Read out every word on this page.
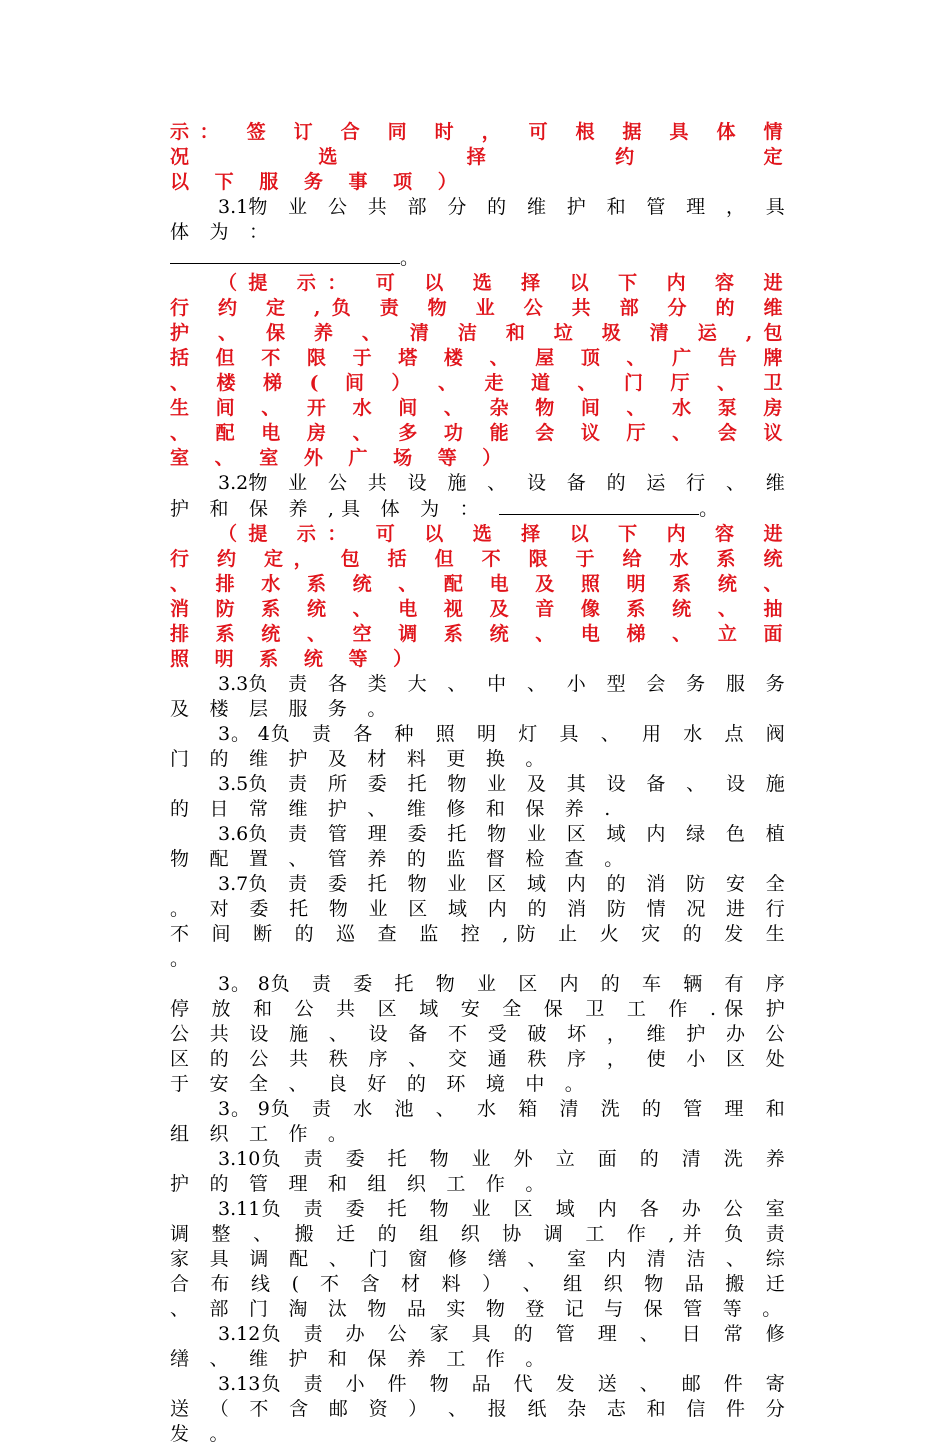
示： 签 订 合 同 时 ， 可 根 据 具 体 情 况 选 择 约 定

以 下 服 务 事 项 ）

3.1物 业 公 共 部 分 的 维 护 和 管 理 ， 具 体 为 ：
。

（提 示： 可 以 选 择 以 下 内 容 进 行 约 定 ,负 责 物 业 公 共 部 分 的 维 护 、 保 养 、 清 洁 和 垃 圾 清 运 ,包 括 但 不 限 于 塔 楼 、 屋 顶 、 广 告 牌 、 楼 梯 ( 间 ） 、 走 道 、 门 厅 、 卫 生 间 、 开 水 间 、 杂 物 间 、 水 泵 房 、 配 电 房 、 多 功 能 会 议 厅 、 会 议 室 、 室 外 广 场 等 ）

3.2物 业 公 共 设 施 、 设 备 的 运 行 、 维 护 和 保 养 ,具 体 为 ：	。

（提 示： 可 以 选 择 以 下 内 容 进 行 约 定， 包 括 但 不 限 于 给 水 系 统 、 排 水 系 统 、 配 电 及 照 明 系 统 、 消 防 系 统 、 电 视 及 音 像 系 统 、 抽 排 系 统 、 空 调 系 统 、 电 梯 、 立 面 照 明 系 统 等 ）

3.3负 责 各 类 大 、 中 、 小 型 会 务 服 务 及 楼 层 服 务 。

3。 4负 责 各 种 照 明 灯 具 、 用 水 点 阀 门 的 维 护 及 材 料 更 换 。

3.5负 责 所 委 托 物 业 及 其 设 备 、 设 施 的 日 常 维 护 、 维 修 和 保 养 .

3.6负 责 管 理 委 托 物 业 区 域 内 绿 色 植 物 配 置 、 管 养 的 监 督 检 查 。

3.7负 责 委 托 物 业 区 域 内 的 消 防 安 全 。 对 委 托 物 业 区 域 内 的 消 防 情 况 进 行 不 间 断 的 巡 查 监 控 ,防 止 火 灾 的 发 生 。

3。 8负 责 委 托 物 业 区 内 的 车 辆 有 序 停 放 和 公 共 区 域 安 全 保 卫 工 作 .保 护 公 共 设 施 、 设 备 不 受 破 坏 ， 维 护 办 公 区 的 公 共 秩 序 、 交 通 秩 序 ， 使 小 区 处 于 安 全 、 良 好 的 环 境 中 。

3。 9负 责 水 池 、 水 箱 清 洗 的 管 理 和 组 织 工 作 。

3.10负 责 委 托 物 业 外 立 面 的 清 洗 养 护 的 管 理 和 组 织 工 作 。

3.11负 责 委 托 物 业 区 域 内 各 办 公 室 调 整 、 搬 迁 的 组 织 协 调 工 作 ,并 负 责 家 具 调 配 、 门 窗 修 缮 、 室 内 清 洁 、 综 合 布 线 ( 不 含 材 料 ） 、 组 织 物 品 搬 迁 、 部 门 淘 汰 物 品 实 物 登 记 与 保 管 等 。

3.12负 责 办 公 家 具 的 管 理 、 日 常 修 缮 、 维 护 和 保 养 工 作 。

3.13负 责 小 件 物 品 代 发 送 、 邮 件 寄 送 （ 不 含 邮 资 ） 、 报 纸 杂 志 和 信 件 分 发 。
